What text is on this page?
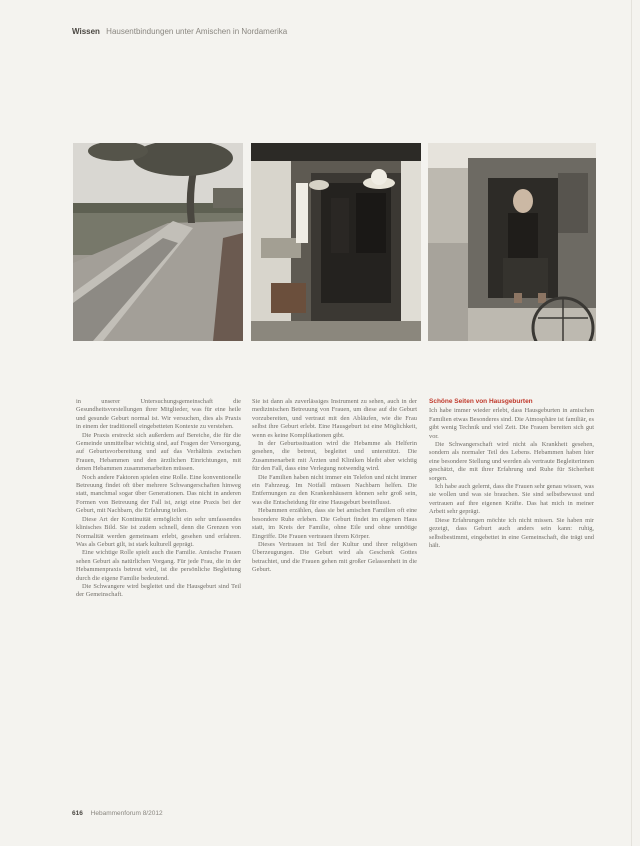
Wissen Hausentbindungen unter Amischen in Nordamerika

in unserer Untersuchungsgemeinschaft die Gesundheitsvorstellungen ihrer Mitglieder, was für eine heile und gesunde Geburt normal ist. Wir versuchen, dies als Praxis in einem der traditionell eingebetteten Kontexte zu verstehen.

Die Praxis erstreckt sich außerdem auf Bereiche, die für die Gemeinde unmittelbar wichtig sind, auf Fragen der Versorgung, auf Geburtsvorbereitung und auf das Verhältnis zwischen Frauen, Hebammen und den ärztlichen Einrichtungen, mit denen Hebammen zusammenarbeiten müssen.

Noch andere Faktoren spielen eine Rolle. Eine konventionelle Betreuung findet oft über mehrere Schwangerschaften hinweg statt, manchmal sogar über Generationen. Das nicht in anderen Formen von Betreuung der Fall ist, zeigt eine Praxis bei der Geburt, mit Nachbarn, die Erfahrung teilen.

Diese Art der Kontinuität ermöglicht ein sehr umfassendes klinisches Bild. Sie ist zudem schnell, denn die Grenzen von Normalität werden gemeinsam erlebt, gesehen und erfahren. Was als Geburt gilt, ist stark kulturell geprägt.

Eine wichtige Rolle spielt auch die Familie. Amische Frauen sehen Geburt als natürlichen Vorgang. Für jede Frau, die in der Hebammenpraxis betreut wird, ist die persönliche Begleitung durch die eigene Familie bedeutend.

Die Schwangere wird begleitet und die Hausgeburt sind Teil der Gemeinschaft.

Sie ist dann als zuverlässiges Instrument zu sehen, auch in der medizinischen Betreuung von Frauen, um diese auf die Geburt vorzubereiten, und vertraut mit den Abläufen, wie die Frau selbst ihre Geburt erlebt. Eine Hausgeburt ist eine Möglichkeit, wenn es keine Komplikationen gibt.

In der Geburtssituation wird die Hebamme als Helferin gesehen, die betreut, begleitet und unterstützt. Die Zusammenarbeit mit Ärzten und Kliniken bleibt aber wichtig für den Fall, dass eine Verlegung notwendig wird.

Die Familien haben nicht immer ein Telefon und nicht immer ein Fahrzeug. Im Notfall müssen Nachbarn helfen. Die Entfernungen zu den Krankenhäusern können sehr groß sein, was die Entscheidung für eine Hausgeburt beeinflusst.

Hebammen erzählen, dass sie bei amischen Familien oft eine besondere Ruhe erleben. Die Geburt findet im eigenen Haus statt, im Kreis der Familie, ohne Eile und ohne unnötige Eingriffe. Die Frauen vertrauen ihrem Körper.

Dieses Vertrauen ist Teil der Kultur und ihrer religiösen Überzeugungen. Die Geburt wird als Geschenk Gottes betrachtet, und die Frauen gehen mit großer Gelassenheit in die Geburt.

Schöne Seiten von Hausgeburten

Ich habe immer wieder erlebt, dass Hausgeburten in amischen Familien etwas Besonderes sind. Die Atmosphäre ist familiär, es gibt wenig Technik und viel Zeit. Die Frauen bereiten sich gut vor.

Die Schwangerschaft wird nicht als Krankheit gesehen, sondern als normaler Teil des Lebens. Hebammen haben hier eine besondere Stellung und werden als vertraute Begleiterinnen geschätzt, die mit ihrer Erfahrung und Ruhe für Sicherheit sorgen.

Ich habe auch gelernt, dass die Frauen sehr genau wissen, was sie wollen und was sie brauchen. Sie sind selbstbewusst und vertrauen auf ihre eigenen Kräfte. Das hat mich in meiner Arbeit sehr geprägt.

Diese Erfahrungen möchte ich nicht missen. Sie haben mir gezeigt, dass Geburt auch anders sein kann: ruhig, selbstbestimmt, eingebettet in eine Gemeinschaft, die trägt und hält.

616 Hebammenforum 8/2012
